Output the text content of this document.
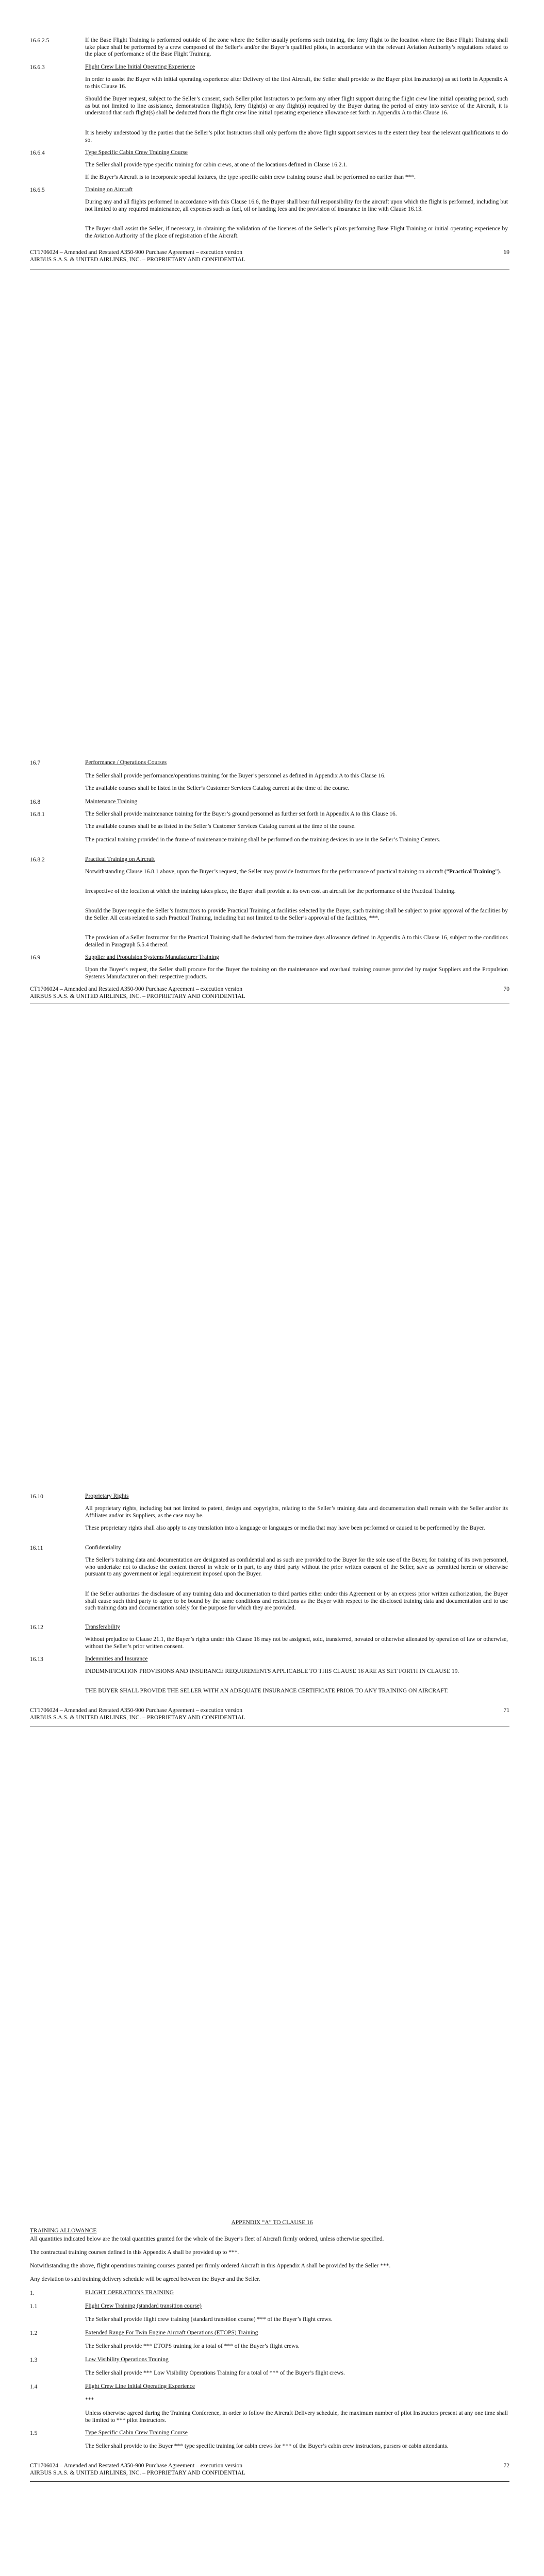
16.6.2.5	If the Base Flight Training is performed outside of the zone where the Seller usually performs such training, the ferry flight to the location where the Base Flight Training shall take place shall be performed by a crew composed of the Seller’s and/or the Buyer’s qualified pilots, in accordance with the relevant Aviation Authority’s regulations related to the place of performance of the Base Flight Training.
16.6.3	Flight Crew Line Initial Operating Experience
In order to assist the Buyer with initial operating experience after Delivery of the first Aircraft, the Seller shall provide to the Buyer pilot Instructor(s) as set forth in Appendix A to this Clause 16.
Should the Buyer request, subject to the Seller’s consent, such Seller pilot Instructors to perform any other flight support during the flight crew line initial operating period, such as but not limited to line assistance, demonstration flight(s), ferry flight(s) or any flight(s) required by the Buyer during the period of entry into service of the Aircraft, it is understood that such flight(s) shall be deducted from the flight crew line initial operating experience allowance set forth in Appendix A to this Clause 16.
It is hereby understood by the parties that the Seller’s pilot Instructors shall only perform the above flight support services to the extent they bear the relevant qualifications to do so.
16.6.4	Type Specific Cabin Crew Training Course
The Seller shall provide type specific training for cabin crews, at one of the locations defined in Clause 16.2.1.
If the Buyer’s Aircraft is to incorporate special features, the type specific cabin crew training course shall be performed no earlier than ***.
16.6.5	Training on Aircraft
During any and all flights performed in accordance with this Clause 16.6, the Buyer shall bear full responsibility for the aircraft upon which the flight is performed, including but not limited to any required maintenance, all expenses such as fuel, oil or landing fees and the provision of insurance in line with Clause 16.13.
The Buyer shall assist the Seller, if necessary, in obtaining the validation of the licenses of the Seller’s pilots performing Base Flight Training or initial operating experience by the Aviation Authority of the place of registration of the Aircraft.
CT1706024 – Amended and Restated A350-900 Purchase Agreement – execution version
AIRBUS S.A.S. & UNITED AIRLINES, INC. – PROPRIETARY AND CONFIDENTIAL
69
16.7	Performance / Operations Courses
The Seller shall provide performance/operations training for the Buyer’s personnel as defined in Appendix A to this Clause 16.
The available courses shall be listed in the Seller’s Customer Services Catalog current at the time of the course.
16.8	Maintenance Training
16.8.1	The Seller shall provide maintenance training for the Buyer’s ground personnel as further set forth in Appendix A to this Clause 16.
The available courses shall be as listed in the Seller’s Customer Services Catalog current at the time of the course.
The practical training provided in the frame of maintenance training shall be performed on the training devices in use in the Seller’s Training Centers.
16.8.2	Practical Training on Aircraft
Notwithstanding Clause 16.8.1 above, upon the Buyer’s request, the Seller may provide Instructors for the performance of practical training on aircraft (“Practical Training”).
Irrespective of the location at which the training takes place, the Buyer shall provide at its own cost an aircraft for the performance of the Practical Training.
Should the Buyer require the Seller’s Instructors to provide Practical Training at facilities selected by the Buyer, such training shall be subject to prior approval of the facilities by the Seller. All costs related to such Practical Training, including but not limited to the Seller’s approval of the facilities, ***.
The provision of a Seller Instructor for the Practical Training shall be deducted from the trainee days allowance defined in Appendix A to this Clause 16, subject to the conditions detailed in Paragraph 5.5.4 thereof.
16.9	Supplier and Propulsion Systems Manufacturer Training
Upon the Buyer’s request, the Seller shall procure for the Buyer the training on the maintenance and overhaul training courses provided by major Suppliers and the Propulsion Systems Manufacturer on their respective products.
CT1706024 – Amended and Restated A350-900 Purchase Agreement – execution version
AIRBUS S.A.S. & UNITED AIRLINES, INC. – PROPRIETARY AND CONFIDENTIAL
70
16.10	Proprietary Rights
All proprietary rights, including but not limited to patent, design and copyrights, relating to the Seller’s training data and documentation shall remain with the Seller and/or its Affiliates and/or its Suppliers, as the case may be.
These proprietary rights shall also apply to any translation into a language or languages or media that may have been performed or caused to be performed by the Buyer.
16.11	Confidentiality
The Seller’s training data and documentation are designated as confidential and as such are provided to the Buyer for the sole use of the Buyer, for training of its own personnel, who undertake not to disclose the content thereof in whole or in part, to any third party without the prior written consent of the Seller, save as permitted herein or otherwise pursuant to any government or legal requirement imposed upon the Buyer.
If the Seller authorizes the disclosure of any training data and documentation to third parties either under this Agreement or by an express prior written authorization, the Buyer shall cause such third party to agree to be bound by the same conditions and restrictions as the Buyer with respect to the disclosed training data and documentation and to use such training data and documentation solely for the purpose for which they are provided.
16.12	Transferability
Without prejudice to Clause 21.1, the Buyer’s rights under this Clause 16 may not be assigned, sold, transferred, novated or otherwise alienated by operation of law or otherwise, without the Seller’s prior written consent.
16.13	Indemnities and Insurance
INDEMNIFICATION PROVISIONS AND INSURANCE REQUIREMENTS APPLICABLE TO THIS CLAUSE 16 ARE AS SET FORTH IN CLAUSE 19.
THE BUYER SHALL PROVIDE THE SELLER WITH AN ADEQUATE INSURANCE CERTIFICATE PRIOR TO ANY TRAINING ON AIRCRAFT.
CT1706024 – Amended and Restated A350-900 Purchase Agreement – execution version
AIRBUS S.A.S. & UNITED AIRLINES, INC. – PROPRIETARY AND CONFIDENTIAL
71
APPENDIX “A” TO CLAUSE 16
TRAINING ALLOWANCE
All quantities indicated below are the total quantities granted for the whole of the Buyer’s fleet of Aircraft firmly ordered, unless otherwise specified.
The contractual training courses defined in this Appendix A shall be provided up to ***.
Notwithstanding the above, flight operations training courses granted per firmly ordered Aircraft in this Appendix A shall be provided by the Seller ***.
Any deviation to said training delivery schedule will be agreed between the Buyer and the Seller.
1.	FLIGHT OPERATIONS TRAINING
1.1	Flight Crew Training (standard transition course)
The Seller shall provide flight crew training (standard transition course) *** of the Buyer’s flight crews.
1.2	Extended Range For Twin Engine Aircraft Operations (ETOPS) Training
The Seller shall provide *** ETOPS training for a total of *** of the Buyer’s flight crews.
1.3	Low Visibility Operations Training
The Seller shall provide *** Low Visibility Operations Training for a total of *** of the Buyer’s flight crews.
1.4	Flight Crew Line Initial Operating Experience
***
Unless otherwise agreed during the Training Conference, in order to follow the Aircraft Delivery schedule, the maximum number of pilot Instructors present at any one time shall be limited to *** pilot Instructors.
1.5	Type Specific Cabin Crew Training Course
The Seller shall provide to the Buyer *** type specific training for cabin crews for *** of the Buyer’s cabin crew instructors, pursers or cabin attendants.
CT1706024 – Amended and Restated A350-900 Purchase Agreement – execution version
AIRBUS S.A.S. & UNITED AIRLINES, INC. – PROPRIETARY AND CONFIDENTIAL
72
